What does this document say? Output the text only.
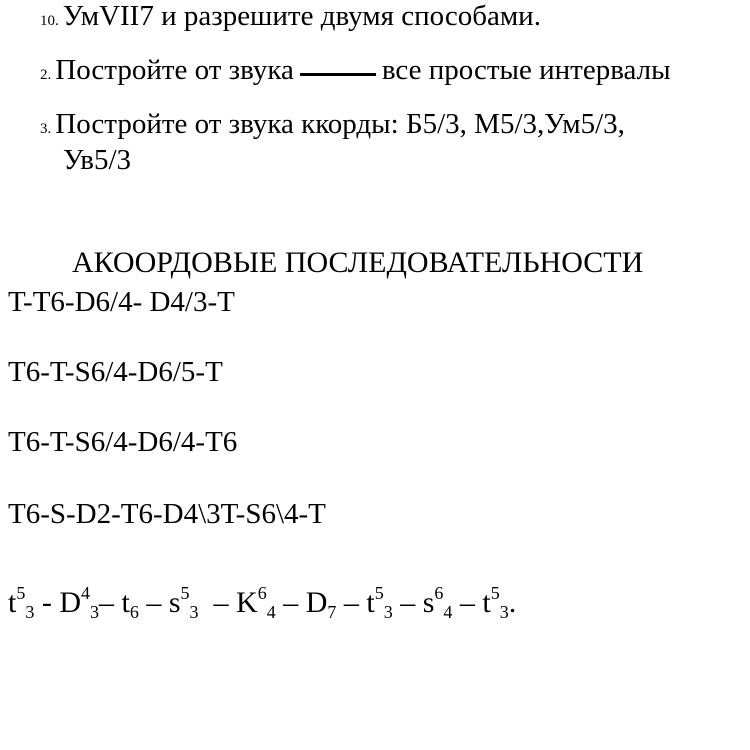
10. УмVII7 и разрешите двумя способами.
2. Постройте от звука	все простые интервалы
3. Постройте от звука ккорды: Б5/3, М5/3,Ум5/3,
Ув5/3
АКООРДОВЫЕ ПОСЛЕДОВАТЕЛЬНОСТИ
T-T6-D6/4- D4/3-T
T6-T-S6/4-D6/5-T
T6-T-S6/4-D6/4-T6
T6-S-D2-T6-D4\3T-S6\4-T
$t^5_3 - D^4_3-$ $t_6 - s^5_3 - K^6_4 - D_7 - t^5_3 - s^6_4 - t^5_3$.
